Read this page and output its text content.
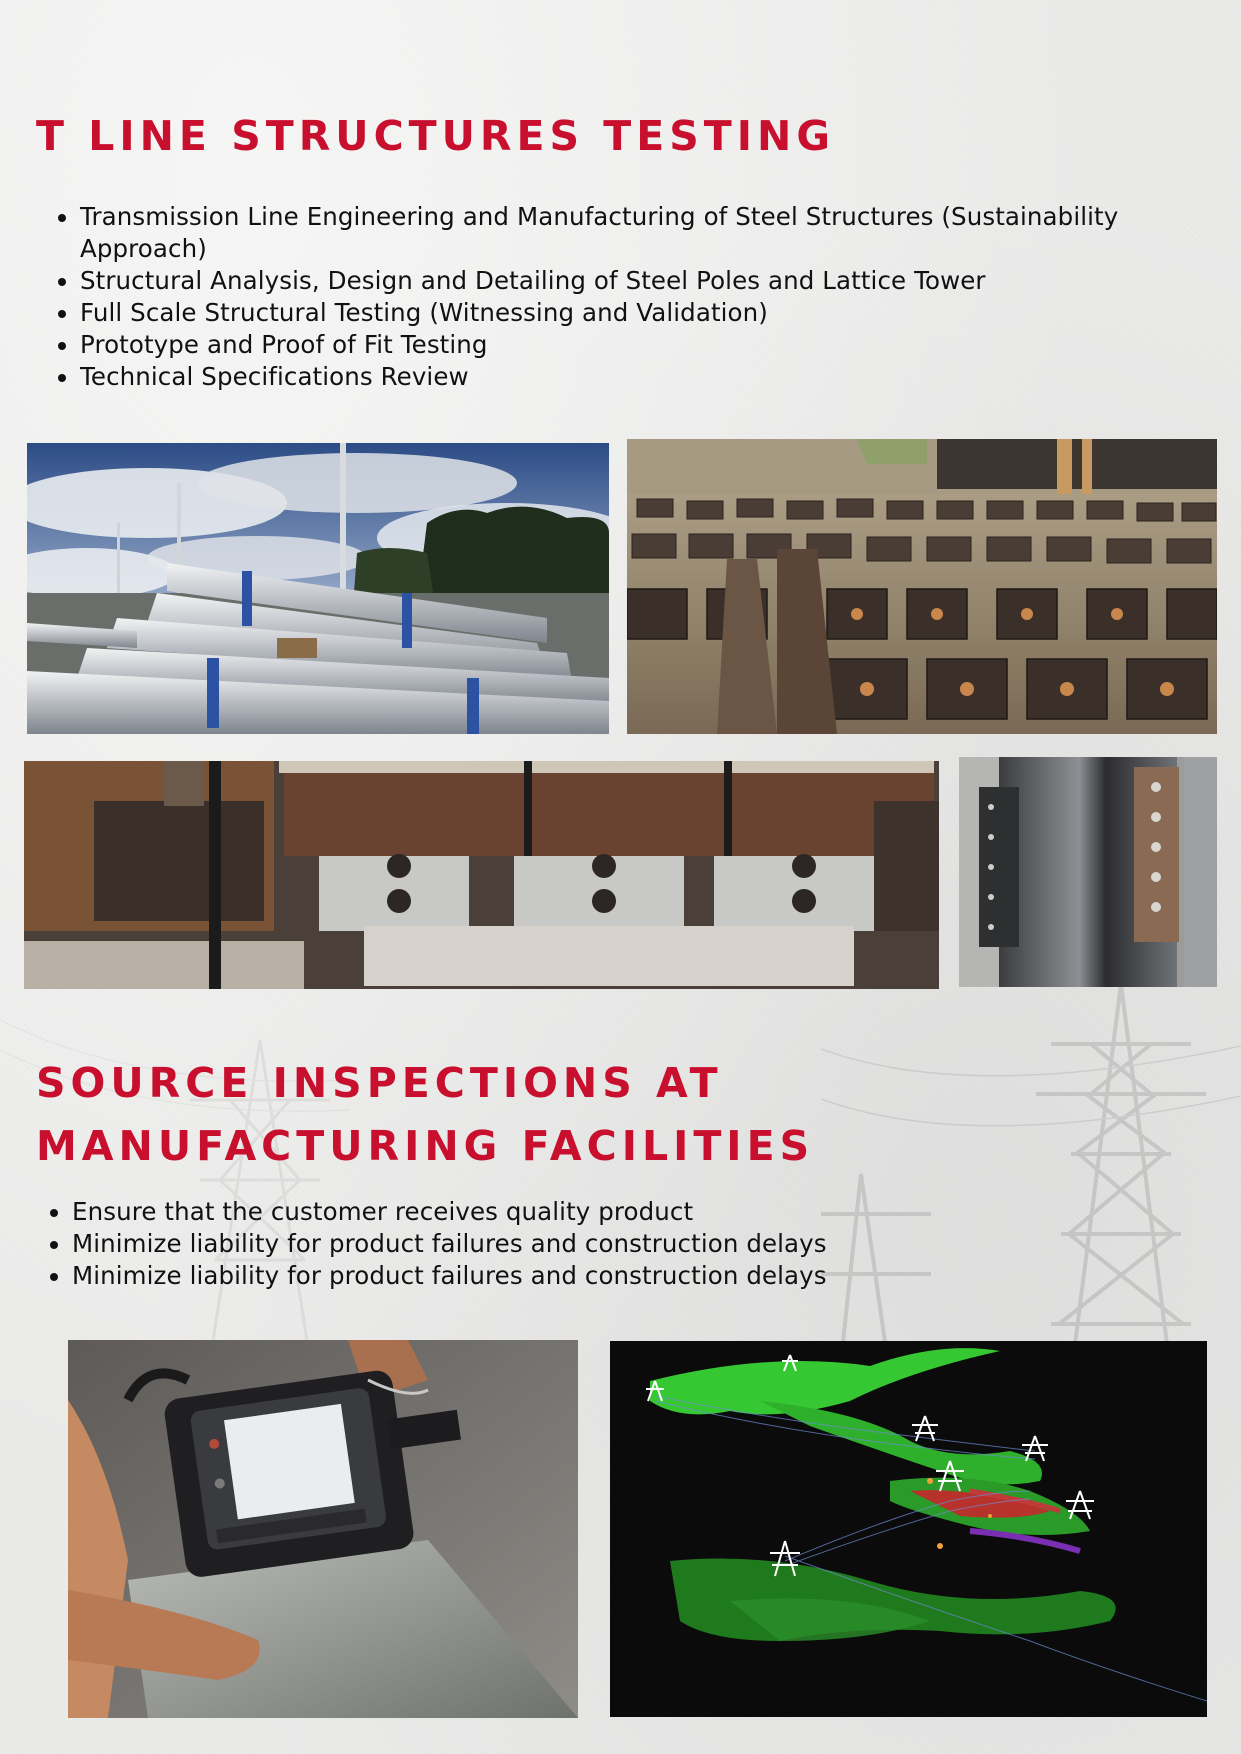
T LINE STRUCTURES TESTING
• Transmission Line Engineering and Manufacturing of Steel Structures (Sustainability Approach)
• Structural Analysis, Design and Detailing of Steel Poles and Lattice Tower
• Full Scale Structural Testing (Witnessing and Validation)
• Prototype and Proof of Fit Testing
• Technical Specifications Review
SOURCE INSPECTIONS AT MANUFACTURING FACILITIES
• Ensure that the customer receives quality product
• Minimize liability for product failures and construction delays
• Minimize liability for product failures and construction delays
